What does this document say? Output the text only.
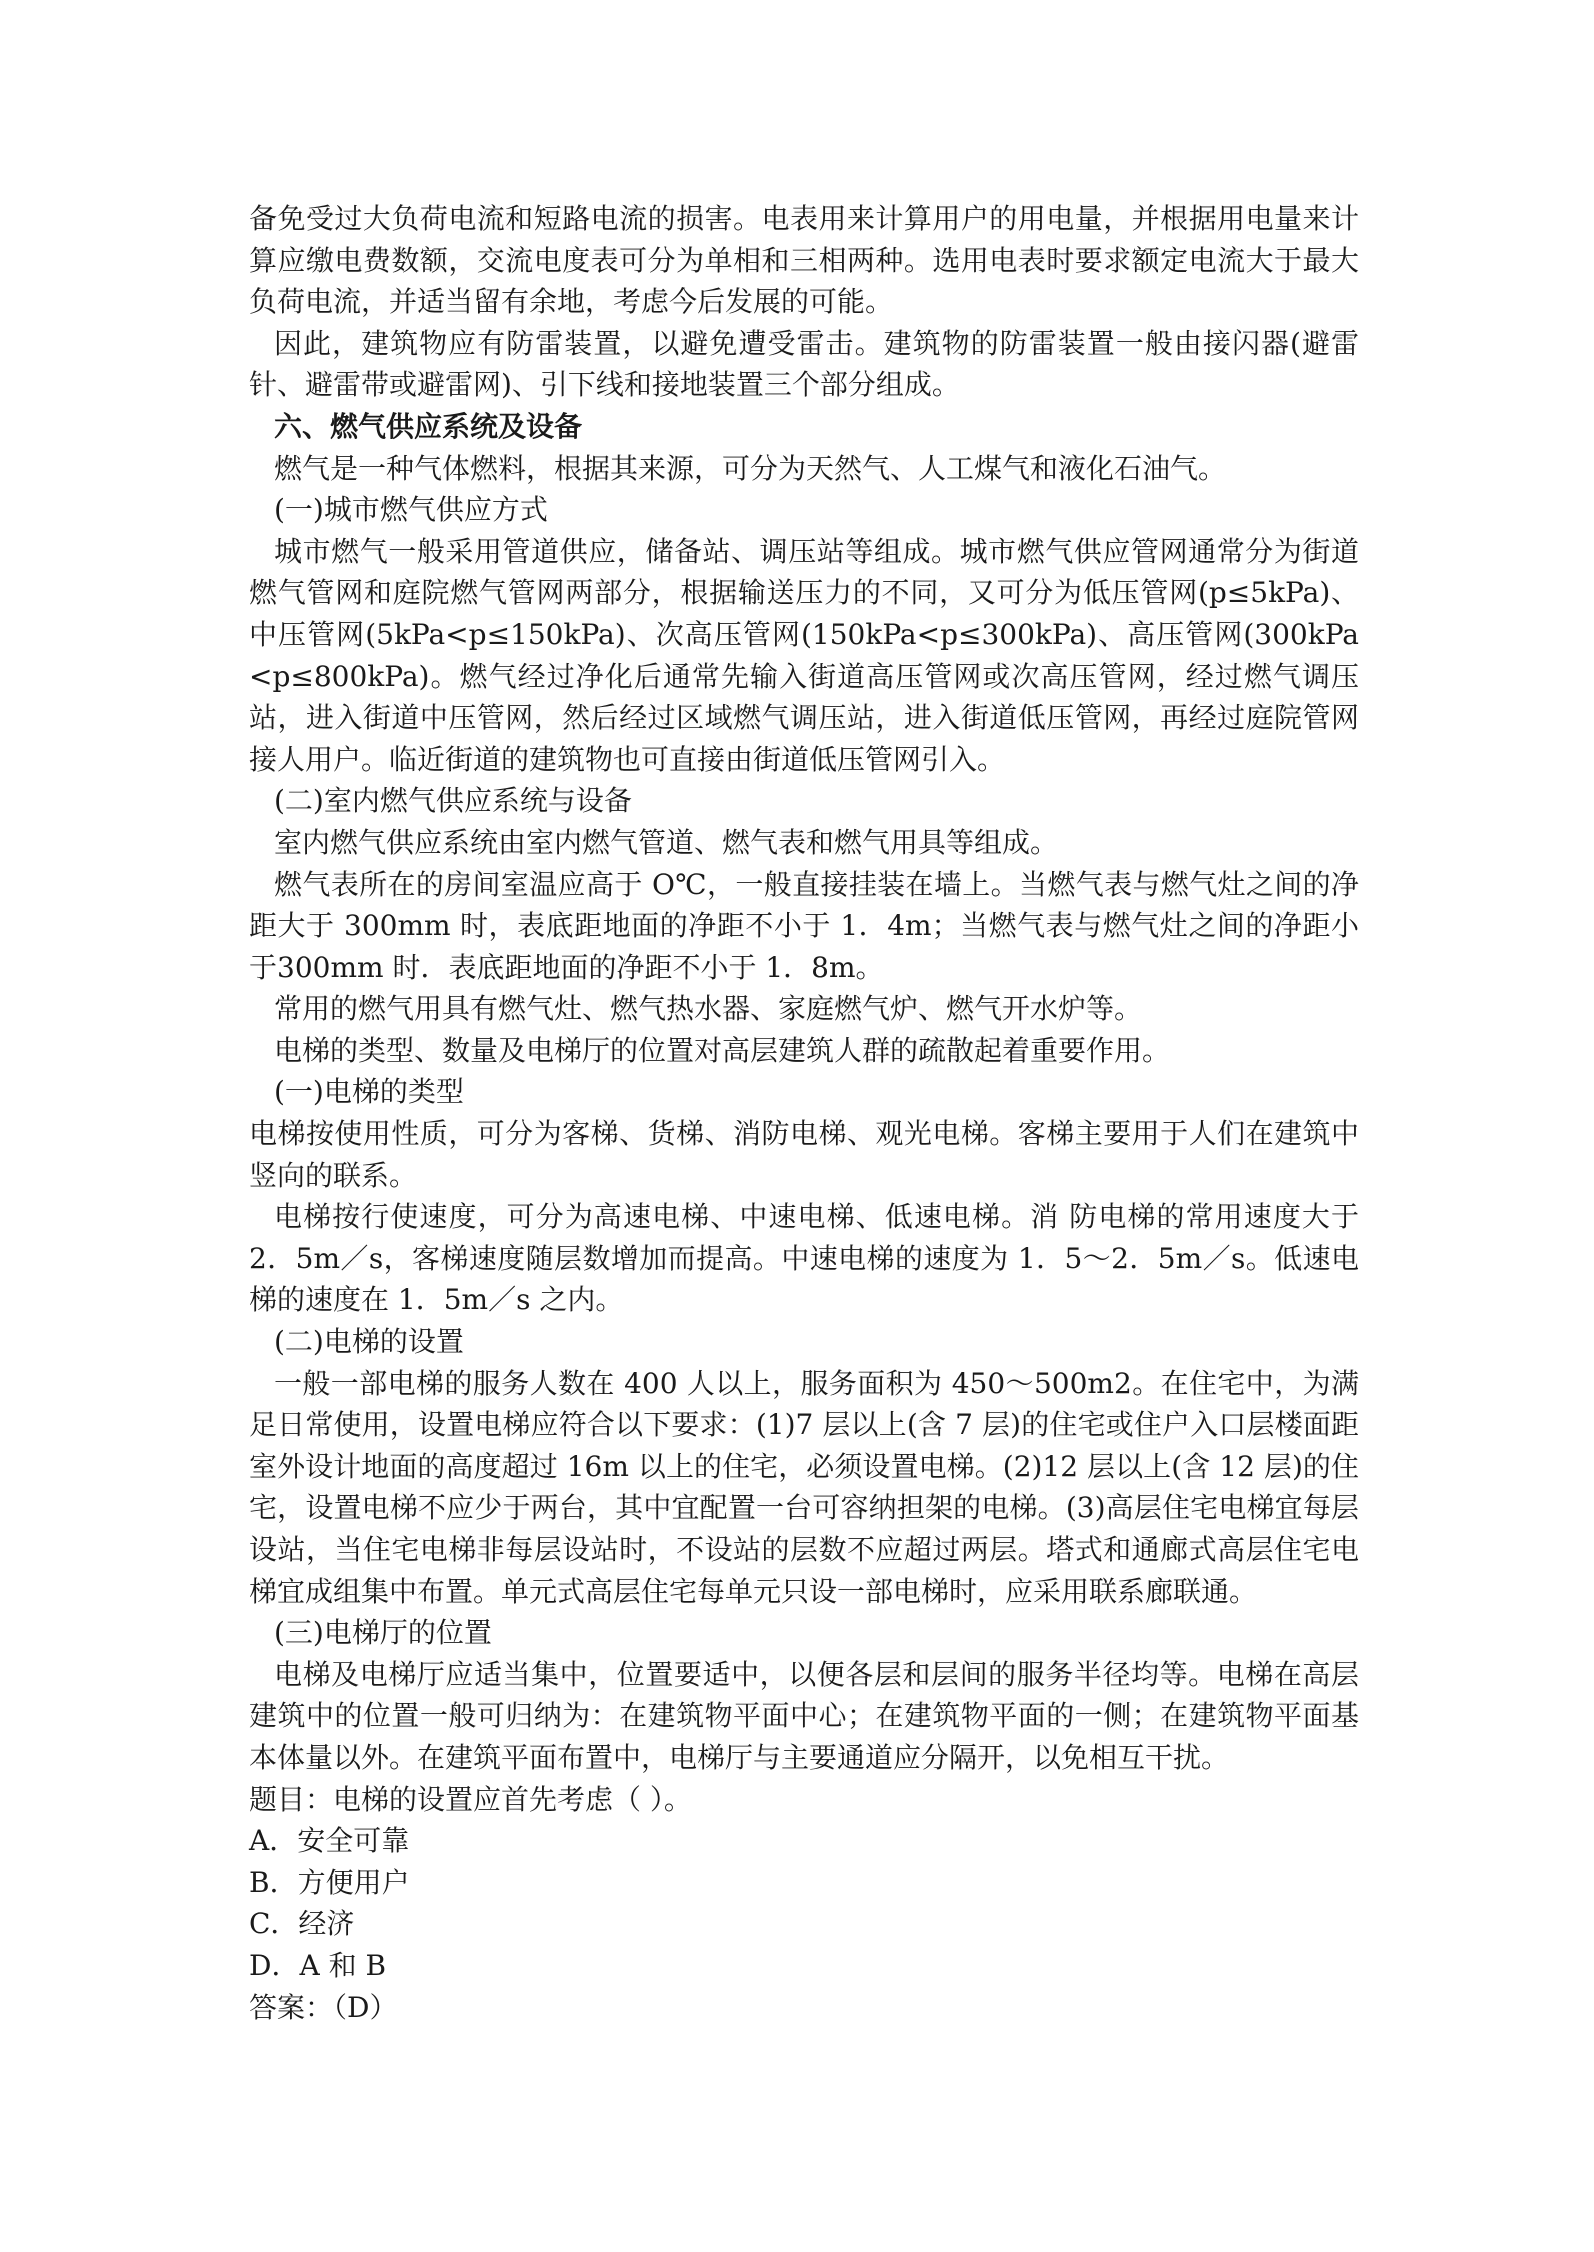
备免受过大负荷电流和短路电流的损害。电表用来计算用户的用电量，并根据用电量来计算应缴电费数额，交流电度表可分为单相和三相两种。选用电表时要求额定电流大于最大负荷电流，并适当留有余地，考虑今后发展的可能。

因此，建筑物应有防雷装置，以避免遭受雷击。建筑物的防雷装置一般由接闪器(避雷针、避雷带或避雷网)、引下线和接地装置三个部分组成。

六、燃气供应系统及设备

燃气是一种气体燃料，根据其来源，可分为天然气、人工煤气和液化石油气。

(一)城市燃气供应方式

城市燃气一般采用管道供应，储备站、调压站等组成。城市燃气供应管网通常分为街道燃气管网和庭院燃气管网两部分，根据输送压力的不同，又可分为低压管网(p≤5kPa)、中压管网(5kPa<p≤150kPa)、次高压管网(150kPa<p≤300kPa)、高压管网(300kPa<p≤800kPa)。燃气经过净化后通常先输入街道高压管网或次高压管网，经过燃气调压站，进入街道中压管网，然后经过区域燃气调压站，进入街道低压管网，再经过庭院管网接人用户。临近街道的建筑物也可直接由街道低压管网引入。

(二)室内燃气供应系统与设备

室内燃气供应系统由室内燃气管道、燃气表和燃气用具等组成。

燃气表所在的房间室温应高于 O℃，一般直接挂装在墙上。当燃气表与燃气灶之间的净距大于 300mm 时，表底距地面的净距不小于 1．4m；当燃气表与燃气灶之间的净距小于300mm 时．表底距地面的净距不小于 1．8m。

常用的燃气用具有燃气灶、燃气热水器、家庭燃气炉、燃气开水炉等。

电梯的类型、数量及电梯厅的位置对高层建筑人群的疏散起着重要作用。

(一)电梯的类型

电梯按使用性质，可分为客梯、货梯、消防电梯、观光电梯。客梯主要用于人们在建筑中竖向的联系。

电梯按行使速度，可分为高速电梯、中速电梯、低速电梯。消 防电梯的常用速度大于 2．5m／s，客梯速度随层数增加而提高。中速电梯的速度为 1．5～2．5m／s。低速电梯的速度在 1．5m／s 之内。

(二)电梯的设置

一般一部电梯的服务人数在 400 人以上，服务面积为 450～500m2。在住宅中，为满足日常使用，设置电梯应符合以下要求：(1)7 层以上(含 7 层)的住宅或住户入口层楼面距室外设计地面的高度超过 16m 以上的住宅，必须设置电梯。(2)12 层以上(含 12 层)的住宅，设置电梯不应少于两台，其中宜配置一台可容纳担架的电梯。(3)高层住宅电梯宜每层设站，当住宅电梯非每层设站时，不设站的层数不应超过两层。塔式和通廊式高层住宅电梯宜成组集中布置。单元式高层住宅每单元只设一部电梯时，应采用联系廊联通。

(三)电梯厅的位置

电梯及电梯厅应适当集中，位置要适中，以便各层和层间的服务半径均等。电梯在高层建筑中的位置一般可归纳为：在建筑物平面中心；在建筑物平面的一侧；在建筑物平面基本体量以外。在建筑平面布置中，电梯厅与主要通道应分隔开，以免相互干扰。

题目：电梯的设置应首先考虑（ ）。

A．安全可靠

B．方便用户

C．经济

D．A 和 B

答案：（D）
